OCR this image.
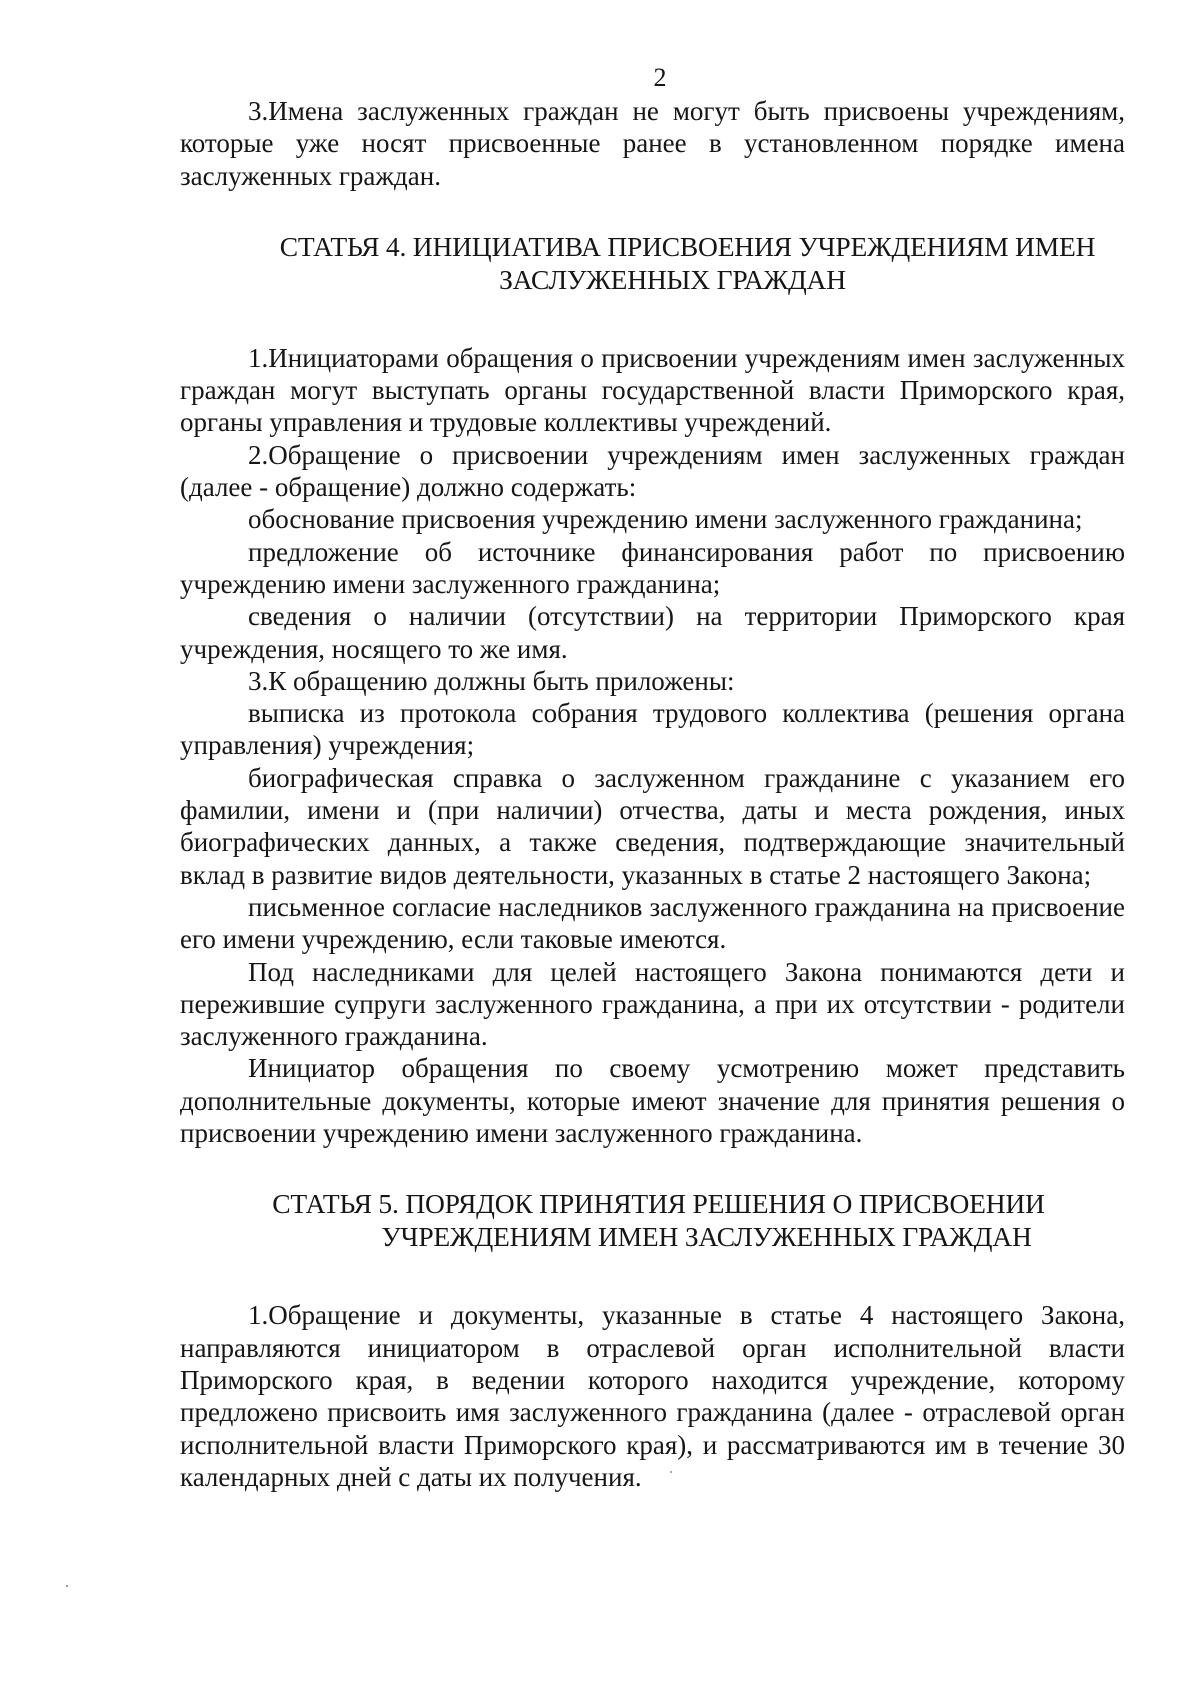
2

3.Имена заслуженных граждан не могут быть присвоены учреждениям, которые уже носят присвоенные ранее в установленном порядке имена заслуженных граждан.

СТАТЬЯ 4. ИНИЦИАТИВА ПРИСВОЕНИЯ УЧРЕЖДЕНИЯМ ИМЕН
ЗАСЛУЖЕННЫХ ГРАЖДАН

1.Инициаторами обращения о присвоении учреждениям имен заслуженных граждан могут выступать органы государственной власти Приморского края, органы управления и трудовые коллективы учреждений.

2.Обращение о присвоении учреждениям имен заслуженных граждан (далее - обращение) должно содержать:

обоснование присвоения учреждению имени заслуженного гражданина;

предложение об источнике финансирования работ по присвоению учреждению имени заслуженного гражданина;

сведения о наличии (отсутствии) на территории Приморского края учреждения, носящего то же имя.

3.К обращению должны быть приложены:

выписка из протокола собрания трудового коллектива (решения органа управления) учреждения;

биографическая справка о заслуженном гражданине с указанием его фамилии, имени и (при наличии) отчества, даты и места рождения, иных биографических данных, а также сведения, подтверждающие значительный вклад в развитие видов деятельности, указанных в статье 2 настоящего Закона;

письменное согласие наследников заслуженного гражданина на присвоение его имени учреждению, если таковые имеются.

Под наследниками для целей настоящего Закона понимаются дети и пережившие супруги заслуженного гражданина, а при их отсутствии - родители заслуженного гражданина.

Инициатор обращения по своему усмотрению может представить дополнительные документы, которые имеют значение для принятия решения о присвоении учреждению имени заслуженного гражданина.

СТАТЬЯ 5. ПОРЯДОК ПРИНЯТИЯ РЕШЕНИЯ О ПРИСВОЕНИИ
УЧРЕЖДЕНИЯМ ИМЕН ЗАСЛУЖЕННЫХ ГРАЖДАН

1.Обращение и документы, указанные в статье 4 настоящего Закона, направляются инициатором в отраслевой орган исполнительной власти Приморского края, в ведении которого находится учреждение, которому предложено присвоить имя заслуженного гражданина (далее - отраслевой орган исполнительной власти Приморского края), и рассматриваются им в течение 30 календарных дней с даты их получения.
